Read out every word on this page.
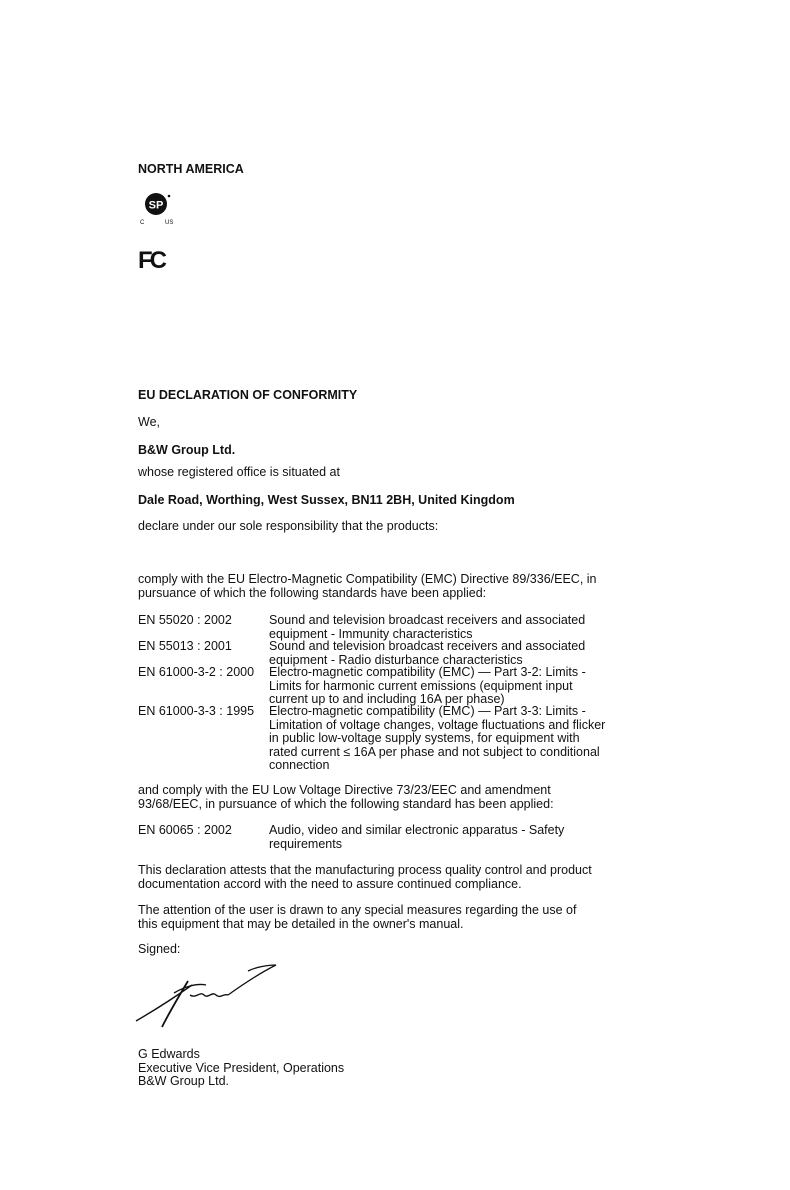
NORTH AMERICA
SP
C	US
FC
EU DECLARATION OF CONFORMITY
We,
B&W Group Ltd.
whose registered office is situated at
Dale Road, Worthing, West Sussex, BN11 2BH, United Kingdom
declare under our sole responsibility that the products:
comply with the EU Electro-Magnetic Compatibility (EMC) Directive 89/336/EEC, in
pursuance of which the following standards have been applied:
EN 55020 : 2002	Sound and television broadcast receivers and associated
equipment - Immunity characteristics
EN 55013 : 2001	Sound and television broadcast receivers and associated
equipment - Radio disturbance characteristics
EN 61000-3-2 : 2000 Electro-magnetic compatibility (EMC) — Part 3-2: Limits -
Limits for harmonic current emissions (equipment input
current up to and including 16A per phase)
EN 61000-3-3 : 1995 Electro-magnetic compatibility (EMC) — Part 3-3: Limits -
Limitation of voltage changes, voltage fluctuations and flicker
in public low-voltage supply systems, for equipment with
rated current ≤ 16A per phase and not subject to conditional
connection
and comply with the EU Low Voltage Directive 73/23/EEC and amendment
93/68/EEC, in pursuance of which the following standard has been applied:
EN 60065 : 2002	Audio, video and similar electronic apparatus - Safety
requirements
This declaration attests that the manufacturing process quality control and product
documentation accord with the need to assure continued compliance.
The attention of the user is drawn to any special measures regarding the use of
this equipment that may be detailed in the owner's manual.
Signed:
G Edwards
Executive Vice President, Operations
B&W Group Ltd.
